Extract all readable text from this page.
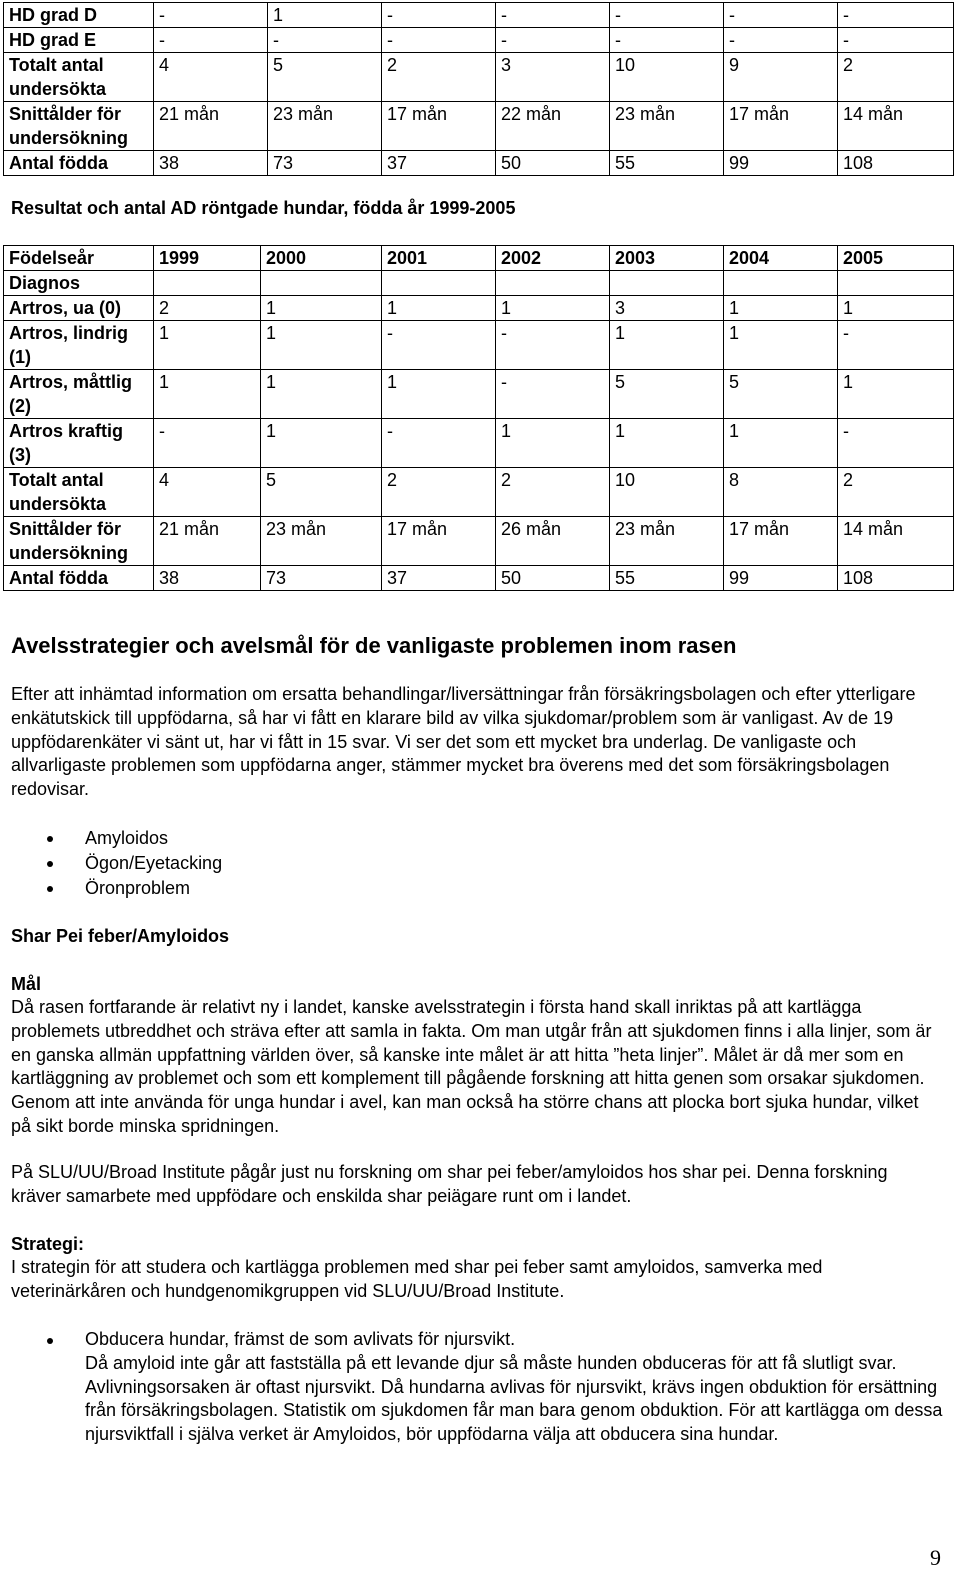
HD grad D	-	1	-	-	-	-	-
HD grad E	-	-	-	-	-	-	-
Totalt antal undersökta	4	5	2	3	10	9	2
Snittålder för undersökning	21 mån	23 mån	17 mån	22 mån	23 mån	17 mån	14 mån
Antal födda	38	73	37	50	55	99	108
Resultat och antal AD röntgade hundar, födda år 1999-2005
Födelseår	1999	2000	2001	2002	2003	2004	2005
Diagnos							
Artros, ua (0)	2	1	1	1	3	1	1
Artros, lindrig (1)	1	1	-	-	1	1	-
Artros, måttlig (2)	1	1	1	-	5	5	1
Artros kraftig (3)	-	1	-	1	1	1	-
Totalt antal undersökta	4	5	2	2	10	8	2
Snittålder för undersökning	21 mån	23 mån	17 mån	26 mån	23 mån	17 mån	14 mån
Antal födda	38	73	37	50	55	99	108
Avelsstrategier och avelsmål för de vanligaste problemen inom rasen

Efter att inhämtad information om ersatta behandlingar/liversättningar från försäkringsbolagen och efter ytterligare enkätutskick till uppfödarna, så har vi fått en klarare bild av vilka sjukdomar/problem som är vanligast. Av de 19 uppfödarenkäter vi sänt ut, har vi fått in 15 svar. Vi ser det som ett mycket bra underlag. De vanligaste och allvarligaste problemen som uppfödarna anger, stämmer mycket bra överens med det som försäkringsbolagen redovisar.

Amyloidos
Ögon/Eyetacking
Öronproblem
Shar Pei feber/Amyloidos
Mål

Då rasen fortfarande är relativt ny i landet, kanske avelsstrategin i första hand skall inriktas på att kartlägga problemets utbreddhet och sträva efter att samla in fakta. Om man utgår från att sjukdomen finns i alla linjer, som är en ganska allmän uppfattning världen över, så kanske inte målet är att hitta ”heta linjer”. Målet är då mer som en kartläggning av problemet och som ett komplement till pågående forskning att hitta genen som orsakar sjukdomen. Genom att inte använda för unga hundar i avel, kan man också ha större chans att plocka bort sjuka hundar, vilket på sikt borde minska spridningen.

På SLU/UU/Broad Institute pågår just nu forskning om shar pei feber/amyloidos hos shar pei. Denna forskning kräver samarbete med uppfödare och enskilda shar peiägare runt om i landet.

Strategi:

I strategin för att studera och kartlägga problemen med shar pei feber samt amyloidos, samverka med veterinärkåren och hundgenomikgruppen vid SLU/UU/Broad Institute.

Obducera hundar, främst de som avlivats för njursvikt.
Då amyloid inte går att fastställa på ett levande djur så måste hunden obduceras för att få slutligt svar. Avlivningsorsaken är oftast njursvikt. Då hundarna avlivas för njursvikt, krävs ingen obduktion för ersättning från försäkringsbolagen. Statistik om sjukdomen får man bara genom obduktion. För att kartlägga om dessa njursviktfall i själva verket är Amyloidos, bör uppfödarna välja att obducera sina hundar.
9
